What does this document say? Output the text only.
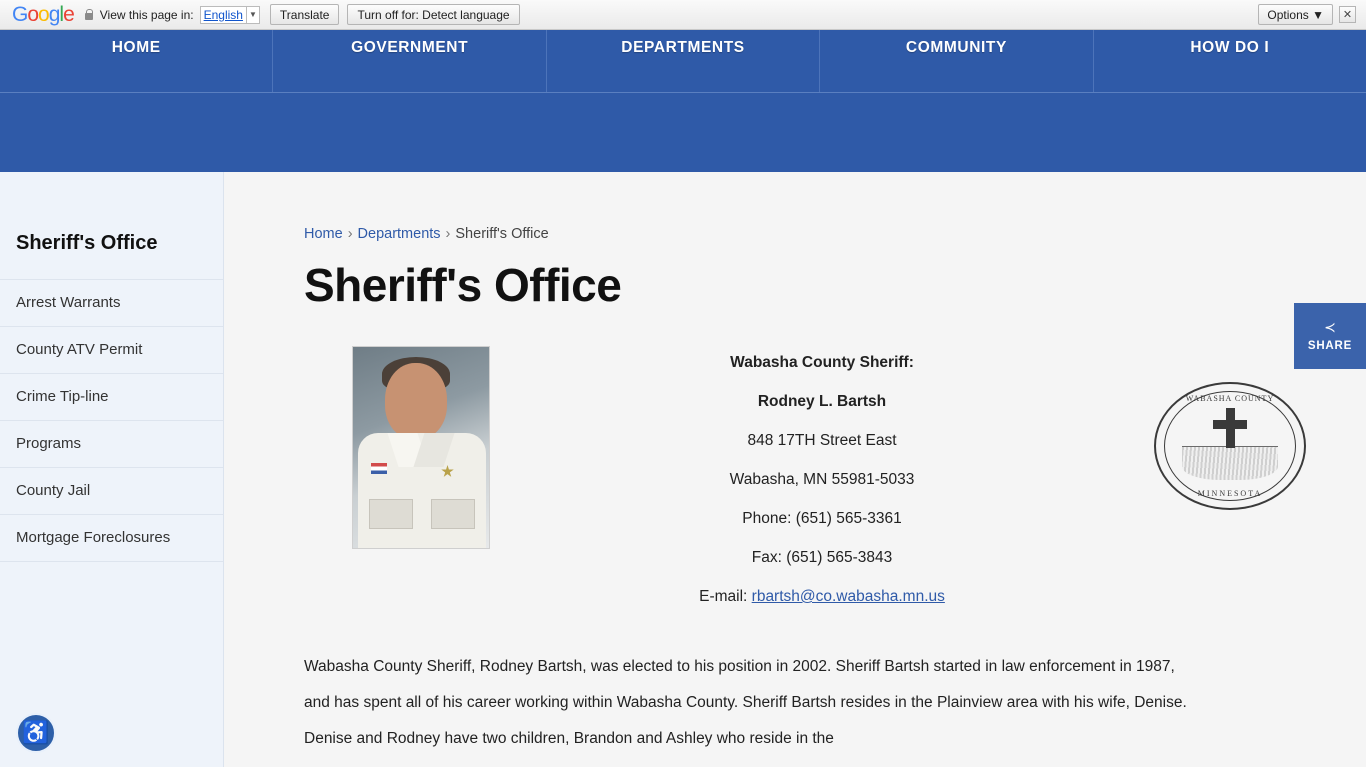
Google View this page in: English ▼	Translate	Turn off for: Detect language	Options ▼	✕
HOME	GOVERNMENT	DEPARTMENTS	COMMUNITY	HOW DO I
Sheriff's Office
Arrest Warrants
County ATV Permit
Crime Tip-line
Programs
County Jail
Mortgage Foreclosures
♿
Home › Departments › Sheriff's Office
Sheriff's Office
Wabasha County Sheriff:
Rodney L. Bartsh
848 17TH Street East
Wabasha, MN 55981-5033
Phone: (651) 565-3361
Fax: (651) 565-3843
E-mail: rbartsh@co.wabasha.mn.us
WABASHA COUNTY
MINNESOTA
Wabasha County Sheriff, Rodney Bartsh, was elected to his position in 2002. Sheriff Bartsh started in law enforcement in 1987, and has spent all of his career working within Wabasha County. Sheriff Bartsh resides in the Plainview area with his wife, Denise. Denise and Rodney have two children, Brandon and Ashley who reside in the
≺
SHARE
